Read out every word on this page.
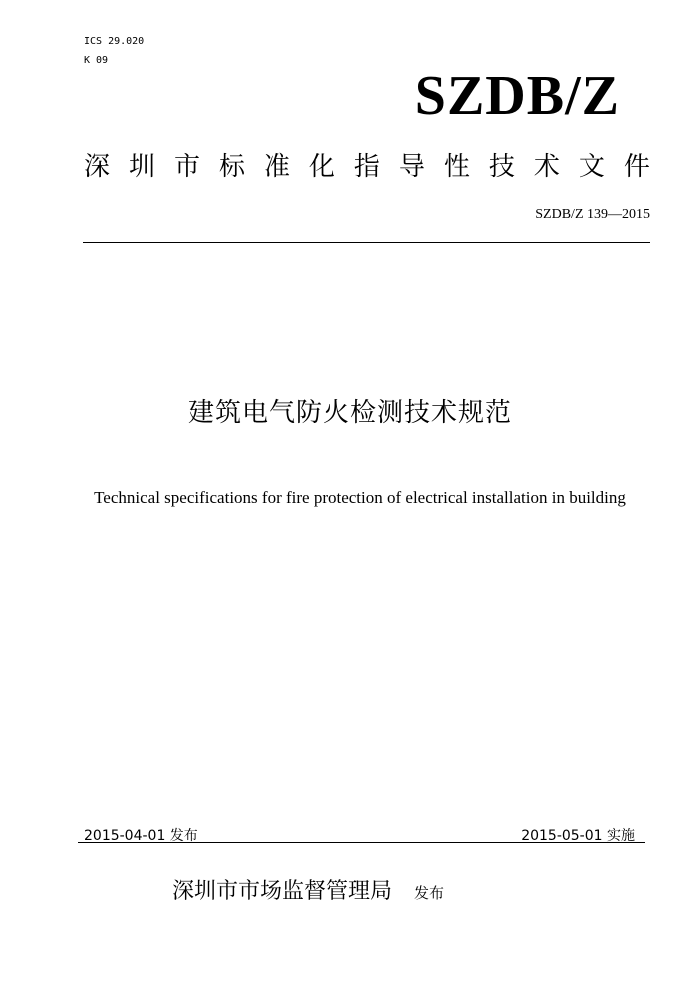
ICS 29.020
K 09
SZDB/Z
深 圳 市 标 准 化 指 导 性 技 术 文 件
SZDB/Z 139—2015
建筑电气防火检测技术规范
Technical specifications for fire protection of electrical installation in building
2015-04-01 发布	2015-05-01 实施
深圳市市场监督管理局 发布
